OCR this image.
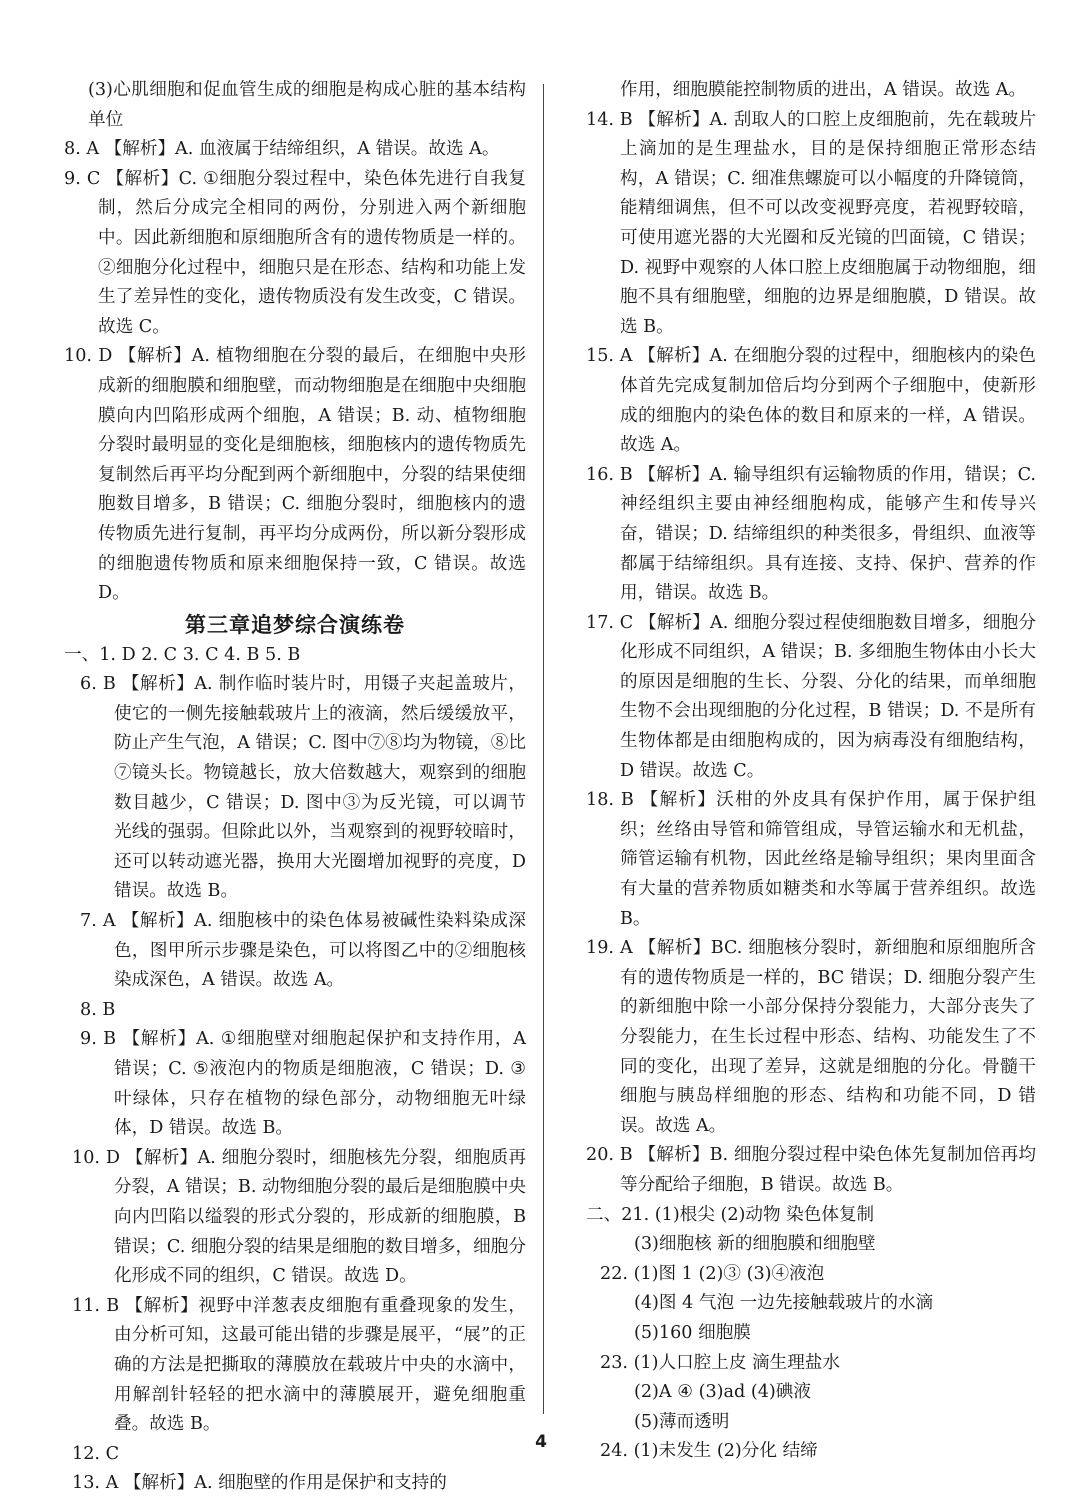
(3)心肌细胞和促血管生成的细胞是构成心脏的基本结构单位

8. A 【解析】A. 血液属于结缔组织，A 错误。故选 A。

9. C 【解析】C. ①细胞分裂过程中，染色体先进行自我复制，然后分成完全相同的两份，分别进入两个新细胞中。因此新细胞和原细胞所含有的遗传物质是一样的。②细胞分化过程中，细胞只是在形态、结构和功能上发生了差异性的变化，遗传物质没有发生改变，C 错误。故选 C。

10. D 【解析】A. 植物细胞在分裂的最后，在细胞中央形成新的细胞膜和细胞壁，而动物细胞是在细胞中央细胞膜向内凹陷形成两个细胞，A 错误；B. 动、植物细胞分裂时最明显的变化是细胞核，细胞核内的遗传物质先复制然后再平均分配到两个新细胞中，分裂的结果使细胞数目增多，B 错误；C. 细胞分裂时，细胞核内的遗传物质先进行复制，再平均分成两份，所以新分裂形成的细胞遗传物质和原来细胞保持一致，C 错误。故选 D。

第三章追梦综合演练卷

一、1. D 2. C 3. C 4. B 5. B

6. B 【解析】A. 制作临时装片时，用镊子夹起盖玻片，使它的一侧先接触载玻片上的液滴，然后缓缓放平，防止产生气泡，A 错误；C. 图中⑦⑧均为物镜，⑧比⑦镜头长。物镜越长，放大倍数越大，观察到的细胞数目越少，C 错误；D. 图中③为反光镜，可以调节光线的强弱。但除此以外，当观察到的视野较暗时，还可以转动遮光器，换用大光圈增加视野的亮度，D 错误。故选 B。

7. A 【解析】A. 细胞核中的染色体易被碱性染料染成深色，图甲所示步骤是染色，可以将图乙中的②细胞核染成深色，A 错误。故选 A。

8. B

9. B 【解析】A. ①细胞壁对细胞起保护和支持作用，A 错误；C. ⑤液泡内的物质是细胞液，C 错误；D. ③叶绿体，只存在植物的绿色部分，动物细胞无叶绿体，D 错误。故选 B。

10. D 【解析】A. 细胞分裂时，细胞核先分裂，细胞质再分裂，A 错误；B. 动物细胞分裂的最后是细胞膜中央向内凹陷以缢裂的形式分裂的，形成新的细胞膜，B 错误；C. 细胞分裂的结果是细胞的数目增多，细胞分化形成不同的组织，C 错误。故选 D。

11. B 【解析】视野中洋葱表皮细胞有重叠现象的发生，由分析可知，这最可能出错的步骤是展平，“展”的正确的方法是把撕取的薄膜放在载玻片中央的水滴中，用解剖针轻轻的把水滴中的薄膜展开，避免细胞重叠。故选 B。

12. C

13. A 【解析】A. 细胞壁的作用是保护和支持的

作用，细胞膜能控制物质的进出，A 错误。故选 A。

14. B 【解析】A. 刮取人的口腔上皮细胞前，先在载玻片上滴加的是生理盐水，目的是保持细胞正常形态结构，A 错误；C. 细准焦螺旋可以小幅度的升降镜筒，能精细调焦，但不可以改变视野亮度，若视野较暗，可使用遮光器的大光圈和反光镜的凹面镜，C 错误；D. 视野中观察的人体口腔上皮细胞属于动物细胞，细胞不具有细胞壁，细胞的边界是细胞膜，D 错误。故选 B。

15. A 【解析】A. 在细胞分裂的过程中，细胞核内的染色体首先完成复制加倍后均分到两个子细胞中，使新形成的细胞内的染色体的数目和原来的一样，A 错误。故选 A。

16. B 【解析】A. 输导组织有运输物质的作用，错误；C. 神经组织主要由神经细胞构成，能够产生和传导兴奋，错误；D. 结缔组织的种类很多，骨组织、血液等都属于结缔组织。具有连接、支持、保护、营养的作用，错误。故选 B。

17. C 【解析】A. 细胞分裂过程使细胞数目增多，细胞分化形成不同组织，A 错误；B. 多细胞生物体由小长大的原因是细胞的生长、分裂、分化的结果，而单细胞生物不会出现细胞的分化过程，B 错误；D. 不是所有生物体都是由细胞构成的，因为病毒没有细胞结构，D 错误。故选 C。

18. B 【解析】沃柑的外皮具有保护作用，属于保护组织；丝络由导管和筛管组成，导管运输水和无机盐，筛管运输有机物，因此丝络是输导组织；果肉里面含有大量的营养物质如糖类和水等属于营养组织。故选 B。

19. A 【解析】BC. 细胞核分裂时，新细胞和原细胞所含有的遗传物质是一样的，BC 错误；D. 细胞分裂产生的新细胞中除一小部分保持分裂能力，大部分丧失了分裂能力，在生长过程中形态、结构、功能发生了不同的变化，出现了差异，这就是细胞的分化。骨髓干细胞与胰岛样细胞的形态、结构和功能不同，D 错误。故选 A。

20. B 【解析】B. 细胞分裂过程中染色体先复制加倍再均等分配给子细胞，B 错误。故选 B。

二、21. (1)根尖 (2)动物 染色体复制

(3)细胞核 新的细胞膜和细胞壁

22. (1)图 1 (2)③ (3)④液泡

(4)图 4 气泡 一边先接触载玻片的水滴

(5)160 细胞膜

23. (1)人口腔上皮 滴生理盐水

(2)A ④ (3)ad (4)碘液

(5)薄而透明

24. (1)未发生 (2)分化 结缔

4
